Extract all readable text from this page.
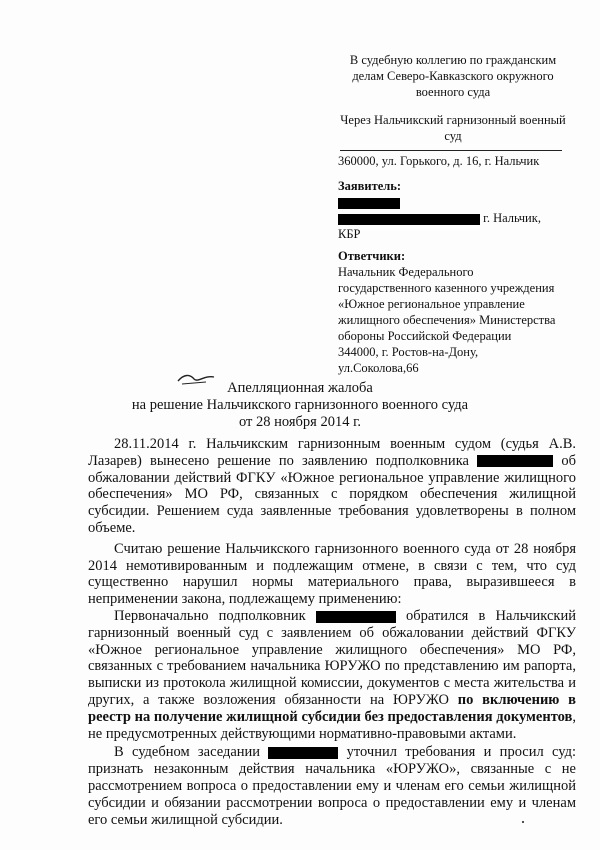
В судебную коллегию по гражданским
делам Северо-Кавказского окружного
военного суда
Через Нальчикский гарнизонный военный
суд
360000, ул. Горького, д. 16, г. Нальчик
Заявитель:
г. Нальчик,
КБР
Ответчики:
Начальник Федерального
государственного казенного учреждения
«Южное региональное управление
жилищного обеспечения» Министерства
обороны Российской Федерации
344000, г. Ростов-на-Дону,
ул.Соколова,66
Апелляционная жалоба
на решение Нальчикского гарнизонного военного суда
от 28 ноября 2014 г.

28.11.2014 г. Нальчикским гарнизонным военным судом (судья А.В. Лазарев) вынесено решение по заявлению подполковника	об обжаловании действий ФГКУ «Южное региональное управление жилищного обеспечения» МО РФ, связанных с порядком обеспечения жилищной субсидии. Решением суда заявленные требования удовлетворены в полном объеме.

Считаю решение Нальчикского гарнизонного военного суда от 28 ноября 2014 немотивированным и подлежащим отмене, в связи с тем, что суд существенно нарушил нормы материального права, выразившееся в неприменении закона, подлежащему применению:

Первоначально подполковник	обратился в Нальчикский гарнизонный военный суд с заявлением об обжаловании действий ФГКУ «Южное региональное управление жилищного обеспечения» МО РФ, связанных с требованием начальника ЮРУЖО по представлению им рапорта, выписки из протокола жилищной комиссии, документов с места жительства и других, а также возложения обязанности на ЮРУЖО по включению в реестр на получение жилищной субсидии без предоставления документов, не предусмотренных действующими нормативно-правовыми актами.

В судебном заседании	уточнил требования и просил суд: признать незаконным действия начальника «ЮРУЖО», связанные с не рассмотрением вопроса о предоставлении ему и членам его семьи жилищной субсидии и обязании рассмотрении вопроса о предоставлении ему и членам его семьи жилищной субсидии.	·
